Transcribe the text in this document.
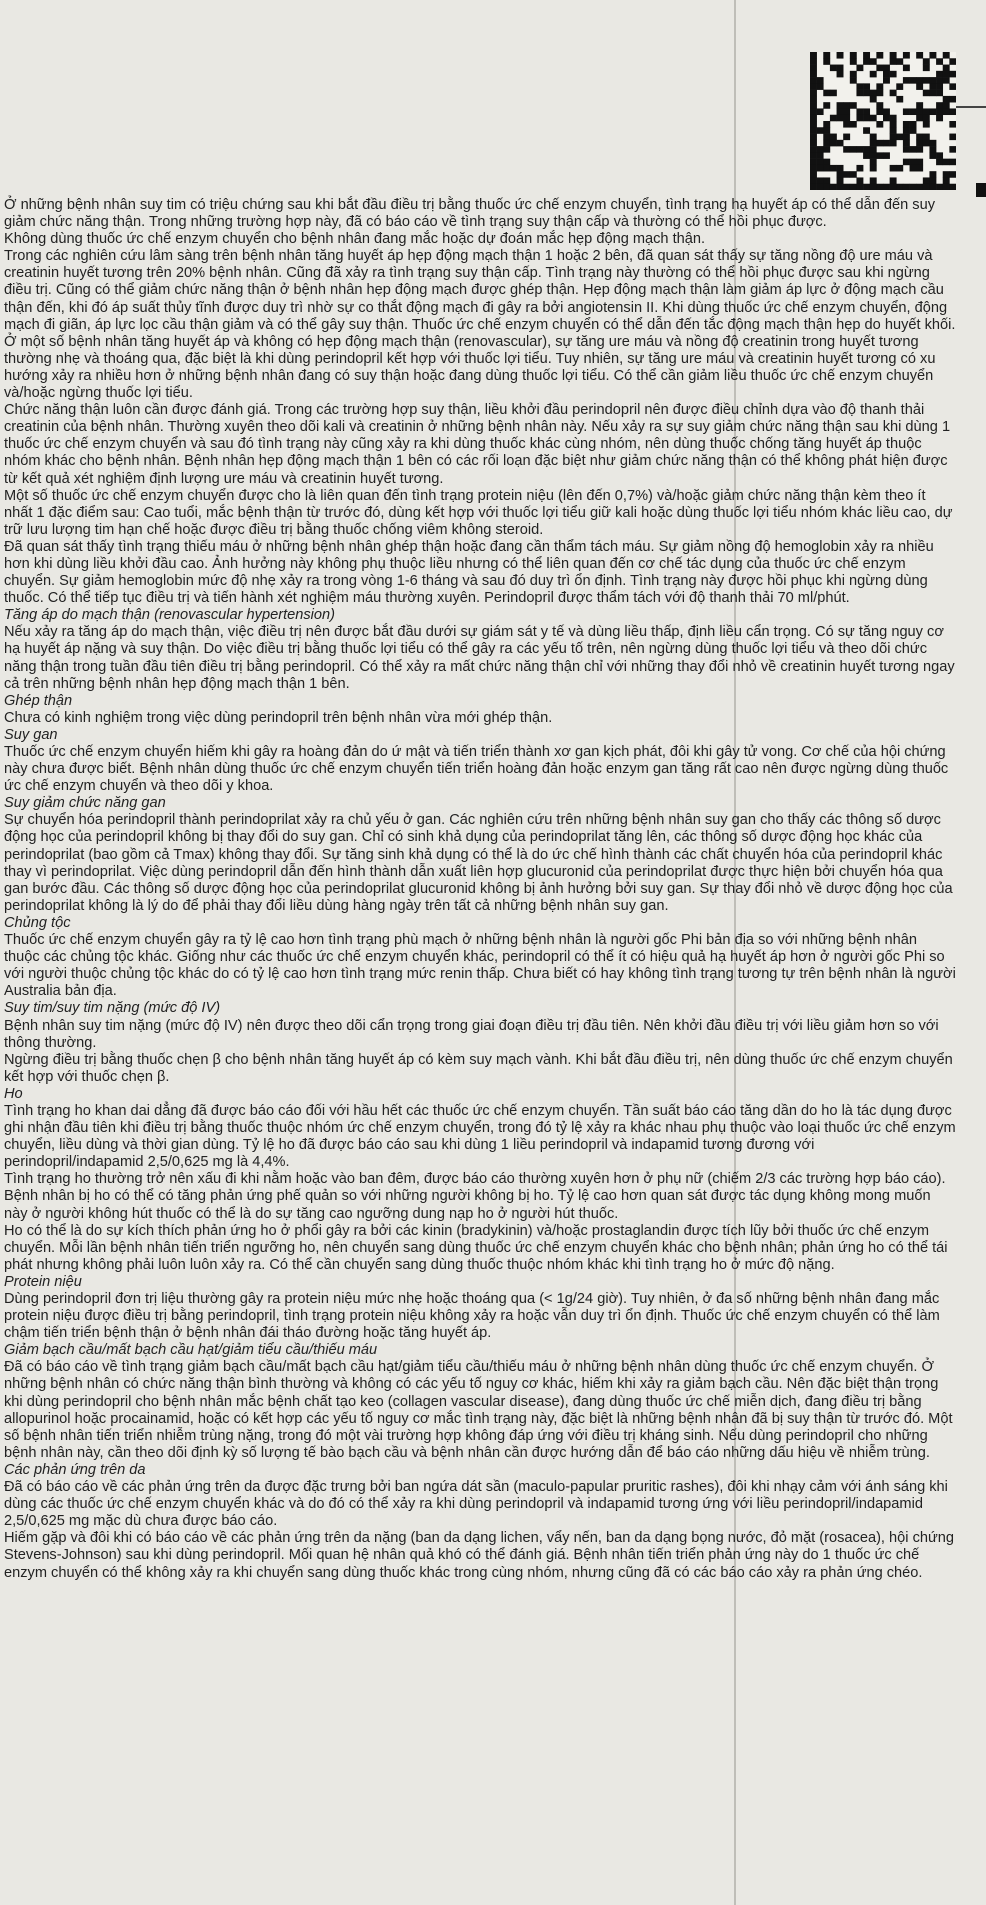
Ở những bệnh nhân suy tim có triệu chứng sau khi bắt đầu điều trị bằng thuốc ức chế enzym chuyển, tình trạng hạ huyết áp có thể dẫn đến suy giảm chức năng thận. Trong những trường hợp này, đã có báo cáo về tình trạng suy thận cấp và thường có thể hồi phục được.

Không dùng thuốc ức chế enzym chuyển cho bệnh nhân đang mắc hoặc dự đoán mắc hẹp động mạch thận.

Trong các nghiên cứu lâm sàng trên bệnh nhân tăng huyết áp hẹp động mạch thận 1 hoặc 2 bên, đã quan sát thấy sự tăng nồng độ ure máu và creatinin huyết tương trên 20% bệnh nhân. Cũng đã xảy ra tình trạng suy thận cấp. Tình trạng này thường có thể hồi phục được sau khi ngừng điều trị. Cũng có thể giảm chức năng thận ở bệnh nhân hẹp động mạch được ghép thận. Hẹp động mạch thận làm giảm áp lực ở động mạch cầu thận đến, khi đó áp suất thủy tĩnh được duy trì nhờ sự co thắt động mạch đi gây ra bởi angiotensin II. Khi dùng thuốc ức chế enzym chuyển, động mạch đi giãn, áp lực lọc cầu thận giảm và có thể gây suy thận. Thuốc ức chế enzym chuyển có thể dẫn đến tắc động mạch thận hẹp do huyết khối.

Ở một số bệnh nhân tăng huyết áp và không có hẹp động mạch thận (renovascular), sự tăng ure máu và nồng độ creatinin trong huyết tương thường nhẹ và thoáng qua, đặc biệt là khi dùng perindopril kết hợp với thuốc lợi tiểu. Tuy nhiên, sự tăng ure máu và creatinin huyết tương có xu hướng xảy ra nhiều hơn ở những bệnh nhân đang có suy thận hoặc đang dùng thuốc lợi tiểu. Có thể cần giảm liều thuốc ức chế enzym chuyển và/hoặc ngừng thuốc lợi tiểu.

Chức năng thận luôn cần được đánh giá. Trong các trường hợp suy thận, liều khởi đầu perindopril nên được điều chỉnh dựa vào độ thanh thải creatinin của bệnh nhân. Thường xuyên theo dõi kali và creatinin ở những bệnh nhân này. Nếu xảy ra sự suy giảm chức năng thận sau khi dùng 1 thuốc ức chế enzym chuyển và sau đó tình trạng này cũng xảy ra khi dùng thuốc khác cùng nhóm, nên dùng thuốc chống tăng huyết áp thuộc nhóm khác cho bệnh nhân. Bệnh nhân hẹp động mạch thận 1 bên có các rối loạn đặc biệt như giảm chức năng thận có thể không phát hiện được từ kết quả xét nghiệm định lượng ure máu và creatinin huyết tương.

Một số thuốc ức chế enzym chuyển được cho là liên quan đến tình trạng protein niệu (lên đến 0,7%) và/hoặc giảm chức năng thận kèm theo ít nhất 1 đặc điểm sau: Cao tuổi, mắc bệnh thận từ trước đó, dùng kết hợp với thuốc lợi tiểu giữ kali hoặc dùng thuốc lợi tiểu nhóm khác liều cao, dự trữ lưu lượng tim hạn chế hoặc được điều trị bằng thuốc chống viêm không steroid.

Đã quan sát thấy tình trạng thiếu máu ở những bệnh nhân ghép thận hoặc đang cần thẩm tách máu. Sự giảm nồng độ hemoglobin xảy ra nhiều hơn khi dùng liều khởi đầu cao. Ảnh hưởng này không phụ thuộc liều nhưng có thể liên quan đến cơ chế tác dụng của thuốc ức chế enzym chuyển. Sự giảm hemoglobin mức độ nhẹ xảy ra trong vòng 1-6 tháng và sau đó duy trì ổn định. Tình trạng này được hồi phục khi ngừng dùng thuốc. Có thể tiếp tục điều trị và tiến hành xét nghiệm máu thường xuyên. Perindopril được thẩm tách với độ thanh thải 70 ml/phút.

Tăng áp do mạch thận (renovascular hypertension)

Nếu xảy ra tăng áp do mạch thận, việc điều trị nên được bắt đầu dưới sự giám sát y tế và dùng liều thấp, định liều cẩn trọng. Có sự tăng nguy cơ hạ huyết áp nặng và suy thận. Do việc điều trị bằng thuốc lợi tiểu có thể gây ra các yếu tố trên, nên ngừng dùng thuốc lợi tiểu và theo dõi chức năng thận trong tuần đầu tiên điều trị bằng perindopril. Có thể xảy ra mất chức năng thận chỉ với những thay đổi nhỏ về creatinin huyết tương ngay cả trên những bệnh nhân hẹp động mạch thận 1 bên.

Ghép thận

Chưa có kinh nghiệm trong việc dùng perindopril trên bệnh nhân vừa mới ghép thận.

Suy gan

Thuốc ức chế enzym chuyển hiếm khi gây ra hoàng đản do ứ mật và tiến triển thành xơ gan kịch phát, đôi khi gây tử vong. Cơ chế của hội chứng này chưa được biết. Bệnh nhân dùng thuốc ức chế enzym chuyển tiến triển hoàng đản hoặc enzym gan tăng rất cao nên được ngừng dùng thuốc ức chế enzym chuyển và theo dõi y khoa.

Suy giảm chức năng gan

Sự chuyển hóa perindopril thành perindoprilat xảy ra chủ yếu ở gan. Các nghiên cứu trên những bệnh nhân suy gan cho thấy các thông số dược động học của perindopril không bị thay đổi do suy gan. Chỉ có sinh khả dụng của perindoprilat tăng lên, các thông số dược động học khác của perindoprilat (bao gồm cả Tmax) không thay đổi. Sự tăng sinh khả dụng có thể là do ức chế hình thành các chất chuyển hóa của perindopril khác thay vì perindoprilat. Việc dùng perindopril dẫn đến hình thành dẫn xuất liên hợp glucuronid của perindoprilat được thực hiện bởi chuyển hóa qua gan bước đầu. Các thông số dược động học của perindoprilat glucuronid không bị ảnh hưởng bởi suy gan. Sự thay đổi nhỏ về dược động học của perindoprilat không là lý do để phải thay đổi liều dùng hàng ngày trên tất cả những bệnh nhân suy gan.

Chủng tộc

Thuốc ức chế enzym chuyển gây ra tỷ lệ cao hơn tình trạng phù mạch ở những bệnh nhân là người gốc Phi bản địa so với những bệnh nhân thuộc các chủng tộc khác. Giống như các thuốc ức chế enzym chuyển khác, perindopril có thể ít có hiệu quả hạ huyết áp hơn ở người gốc Phi so với người thuộc chủng tộc khác do có tỷ lệ cao hơn tình trạng mức renin thấp. Chưa biết có hay không tình trạng tương tự trên bệnh nhân là người Australia bản địa.

Suy tim/suy tim nặng (mức độ IV)

Bệnh nhân suy tim nặng (mức độ IV) nên được theo dõi cẩn trọng trong giai đoạn điều trị đầu tiên. Nên khởi đầu điều trị với liều giảm hơn so với thông thường.

Ngừng điều trị bằng thuốc chẹn β cho bệnh nhân tăng huyết áp có kèm suy mạch vành. Khi bắt đầu điều trị, nên dùng thuốc ức chế enzym chuyển kết hợp với thuốc chẹn β.

Ho

Tình trạng ho khan dai dẳng đã được báo cáo đối với hầu hết các thuốc ức chế enzym chuyển. Tần suất báo cáo tăng dần do ho là tác dụng được ghi nhận đầu tiên khi điều trị bằng thuốc thuộc nhóm ức chế enzym chuyển, trong đó tỷ lệ xảy ra khác nhau phụ thuộc vào loại thuốc ức chế enzym chuyển, liều dùng và thời gian dùng. Tỷ lệ ho đã được báo cáo sau khi dùng 1 liều perindopril và indapamid tương đương với perindopril/indapamid 2,5/0,625 mg là 4,4%.

Tình trạng ho thường trở nên xấu đi khi nằm hoặc vào ban đêm, được báo cáo thường xuyên hơn ở phụ nữ (chiếm 2/3 các trường hợp báo cáo). Bệnh nhân bị ho có thể có tăng phản ứng phế quản so với những người không bị ho. Tỷ lệ cao hơn quan sát được tác dụng không mong muốn này ở người không hút thuốc có thể là do sự tăng cao ngưỡng dung nạp ho ở người hút thuốc.

Ho có thể là do sự kích thích phản ứng ho ở phổi gây ra bởi các kinin (bradykinin) và/hoặc prostaglandin được tích lũy bởi thuốc ức chế enzym chuyển. Mỗi lần bệnh nhân tiến triển ngưỡng ho, nên chuyển sang dùng thuốc ức chế enzym chuyển khác cho bệnh nhân; phản ứng ho có thể tái phát nhưng không phải luôn luôn xảy ra. Có thể cần chuyển sang dùng thuốc thuộc nhóm khác khi tình trạng ho ở mức độ nặng.

Protein niệu

Dùng perindopril đơn trị liệu thường gây ra protein niệu mức nhẹ hoặc thoáng qua (< 1g/24 giờ). Tuy nhiên, ở đa số những bệnh nhân đang mắc protein niệu được điều trị bằng perindopril, tình trạng protein niệu không xảy ra hoặc vẫn duy trì ổn định. Thuốc ức chế enzym chuyển có thể làm chậm tiến triển bệnh thận ở bệnh nhân đái tháo đường hoặc tăng huyết áp.

Giảm bạch cầu/mất bạch cầu hạt/giảm tiểu cầu/thiếu máu

Đã có báo cáo về tình trạng giảm bạch cầu/mất bạch cầu hạt/giảm tiểu cầu/thiếu máu ở những bệnh nhân dùng thuốc ức chế enzym chuyển. Ở những bệnh nhân có chức năng thận bình thường và không có các yếu tố nguy cơ khác, hiếm khi xảy ra giảm bạch cầu. Nên đặc biệt thận trọng khi dùng perindopril cho bệnh nhân mắc bệnh chất tạo keo (collagen vascular disease), đang dùng thuốc ức chế miễn dịch, đang điều trị bằng allopurinol hoặc procainamid, hoặc có kết hợp các yếu tố nguy cơ mắc tình trạng này, đặc biệt là những bệnh nhân đã bị suy thận từ trước đó. Một số bệnh nhân tiến triển nhiễm trùng nặng, trong đó một vài trường hợp không đáp ứng với điều trị kháng sinh. Nếu dùng perindopril cho những bệnh nhân này, cần theo dõi định kỳ số lượng tế bào bạch cầu và bệnh nhân cần được hướng dẫn để báo cáo những dấu hiệu về nhiễm trùng.

Các phản ứng trên da

Đã có báo cáo về các phản ứng trên da được đặc trưng bởi ban ngứa dát sần (maculo-papular pruritic rashes), đôi khi nhạy cảm với ánh sáng khi dùng các thuốc ức chế enzym chuyển khác và do đó có thể xảy ra khi dùng perindopril và indapamid tương ứng với liều perindopril/indapamid 2,5/0,625 mg mặc dù chưa được báo cáo.

Hiếm gặp và đôi khi có báo cáo về các phản ứng trên da nặng (ban da dạng lichen, vẩy nến, ban da dạng bọng nước, đỏ mặt (rosacea), hội chứng Stevens-Johnson) sau khi dùng perindopril. Mối quan hệ nhân quả khó có thể đánh giá. Bệnh nhân tiến triển phản ứng này do 1 thuốc ức chế enzym chuyển có thể không xảy ra khi chuyển sang dùng thuốc khác trong cùng nhóm, nhưng cũng đã có các báo cáo xảy ra phản ứng chéo.
